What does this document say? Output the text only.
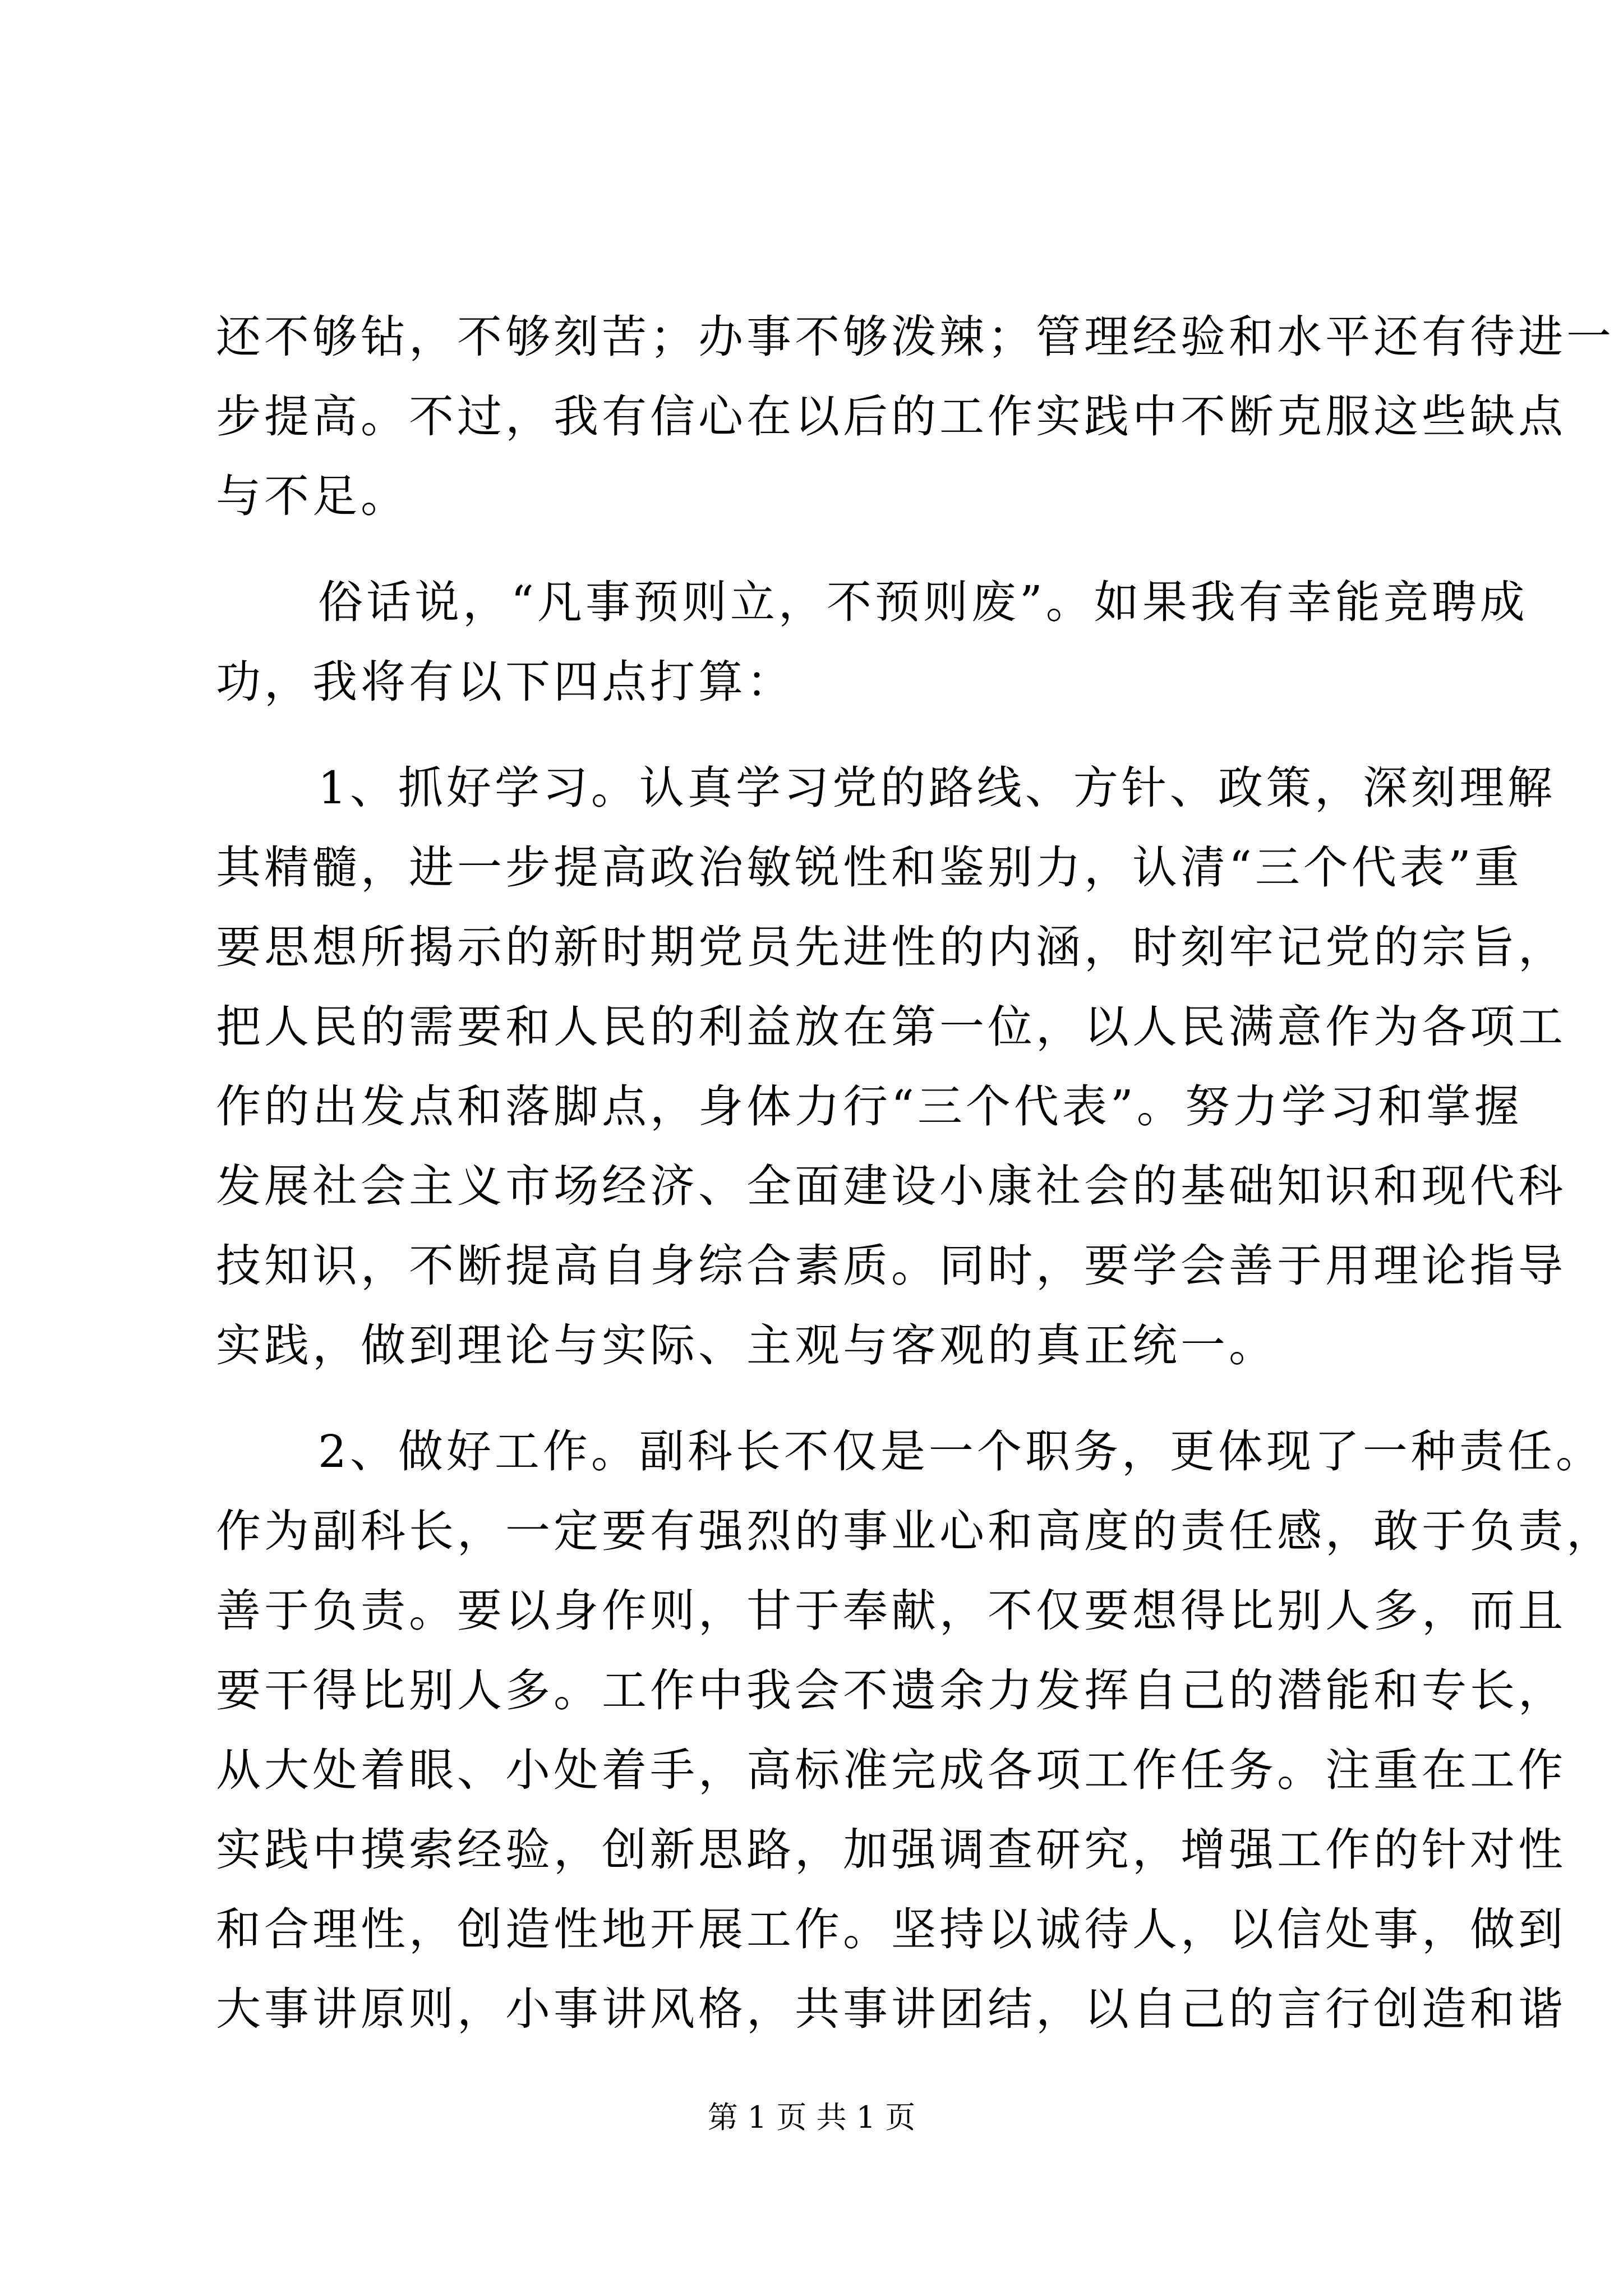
还不够钻，不够刻苦；办事不够泼辣；管理经验和水平还有待进一
步提高。不过，我有信心在以后的工作实践中不断克服这些缺点
与不足。
俗话说，“凡事预则立，不预则废”。如果我有幸能竞聘成
功，我将有以下四点打算：
1、抓好学习。认真学习党的路线、方针、政策，深刻理解
其精髓，进一步提高政治敏锐性和鉴别力，认清“三个代表”重
要思想所揭示的新时期党员先进性的内涵，时刻牢记党的宗旨，
把人民的需要和人民的利益放在第一位，以人民满意作为各项工
作的出发点和落脚点，身体力行“三个代表”。努力学习和掌握
发展社会主义市场经济、全面建设小康社会的基础知识和现代科
技知识，不断提高自身综合素质。同时，要学会善于用理论指导
实践，做到理论与实际、主观与客观的真正统一。
2、做好工作。副科长不仅是一个职务，更体现了一种责任。
作为副科长，一定要有强烈的事业心和高度的责任感，敢于负责，
善于负责。要以身作则，甘于奉献，不仅要想得比别人多，而且
要干得比别人多。工作中我会不遗余力发挥自己的潜能和专长，
从大处着眼、小处着手，高标准完成各项工作任务。注重在工作
实践中摸索经验，创新思路，加强调查研究，增强工作的针对性
和合理性，创造性地开展工作。坚持以诚待人，以信处事，做到
大事讲原则，小事讲风格，共事讲团结，以自己的言行创造和谐
第 1 页 共 1 页
